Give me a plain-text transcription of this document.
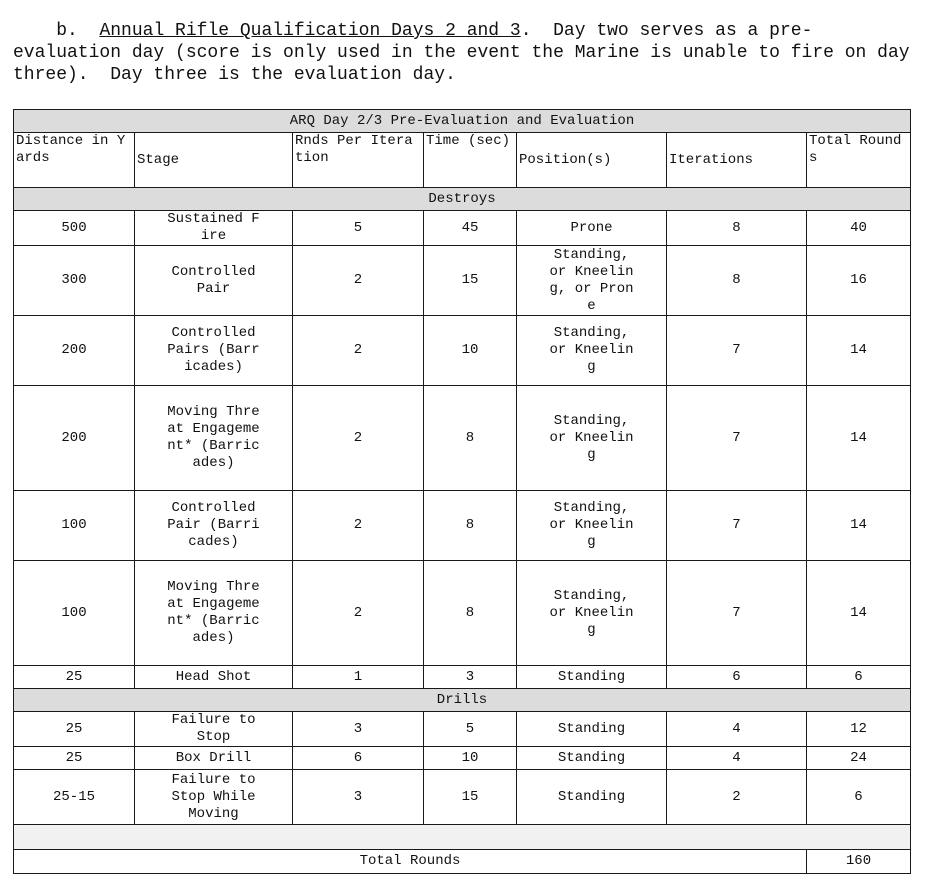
b. Annual Rifle Qualification Days 2 and 3.  Day two serves as a pre-evaluation day (score is only used in the event the Marine is unable to fire on day three).  Day three is the evaluation day.

ARQ Day 2/3 Pre-Evaluation and Evaluation						
Distance in Yards	Stage	Rnds Per Iteration	Time (sec)	Position(s)	Iterations	Total Rounds
Destroys						
500	Sustained Fire	5	45	Prone	8	40
300	Controlled Pair	2	15	Standing, or Kneeling, or Prone	8	16
200	Controlled Pairs (Barricades)	2	10	Standing, or Kneeling	7	14
200	Moving Threat Engagement* (Barricades)	2	8	Standing, or Kneeling	7	14
100	Controlled Pair (Barricades)	2	8	Standing, or Kneeling	7	14
100	Moving Threat Engagement* (Barricades)	2	8	Standing, or Kneeling	7	14
25	Head Shot	1	3	Standing	6	6
Drills						
25	Failure to Stop	3	5	Standing	4	12
25	Box Drill	6	10	Standing	4	24
25-15	Failure to Stop While Moving	3	15	Standing	2	6

Total Rounds						160
